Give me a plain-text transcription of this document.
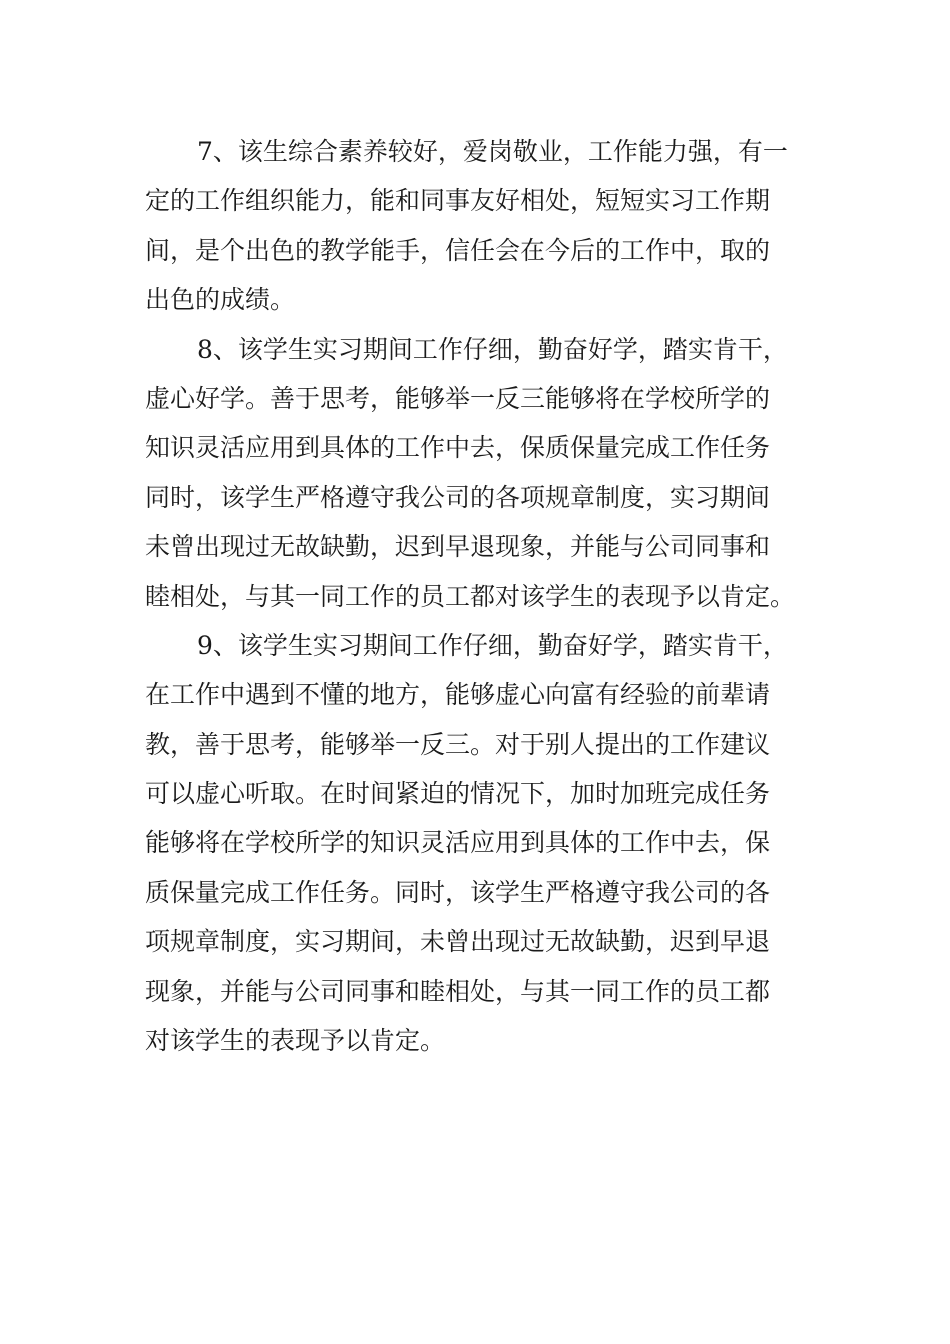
7、该生综合素养较好，爱岗敬业，工作能力强，有一
定的工作组织能力，能和同事友好相处，短短实习工作期
间，是个出色的教学能手，信任会在今后的工作中，取的
出色的成绩。
8、该学生实习期间工作仔细，勤奋好学，踏实肯干，
虚心好学。善于思考，能够举一反三能够将在学校所学的
知识灵活应用到具体的工作中去，保质保量完成工作任务
同时，该学生严格遵守我公司的各项规章制度，实习期间
未曾出现过无故缺勤，迟到早退现象，并能与公司同事和
睦相处，与其一同工作的员工都对该学生的表现予以肯定。
9、该学生实习期间工作仔细，勤奋好学，踏实肯干，
在工作中遇到不懂的地方，能够虚心向富有经验的前辈请
教，善于思考，能够举一反三。对于别人提出的工作建议
可以虚心听取。在时间紧迫的情况下，加时加班完成任务
能够将在学校所学的知识灵活应用到具体的工作中去，保
质保量完成工作任务。同时，该学生严格遵守我公司的各
项规章制度，实习期间，未曾出现过无故缺勤，迟到早退
现象，并能与公司同事和睦相处，与其一同工作的员工都
对该学生的表现予以肯定。
